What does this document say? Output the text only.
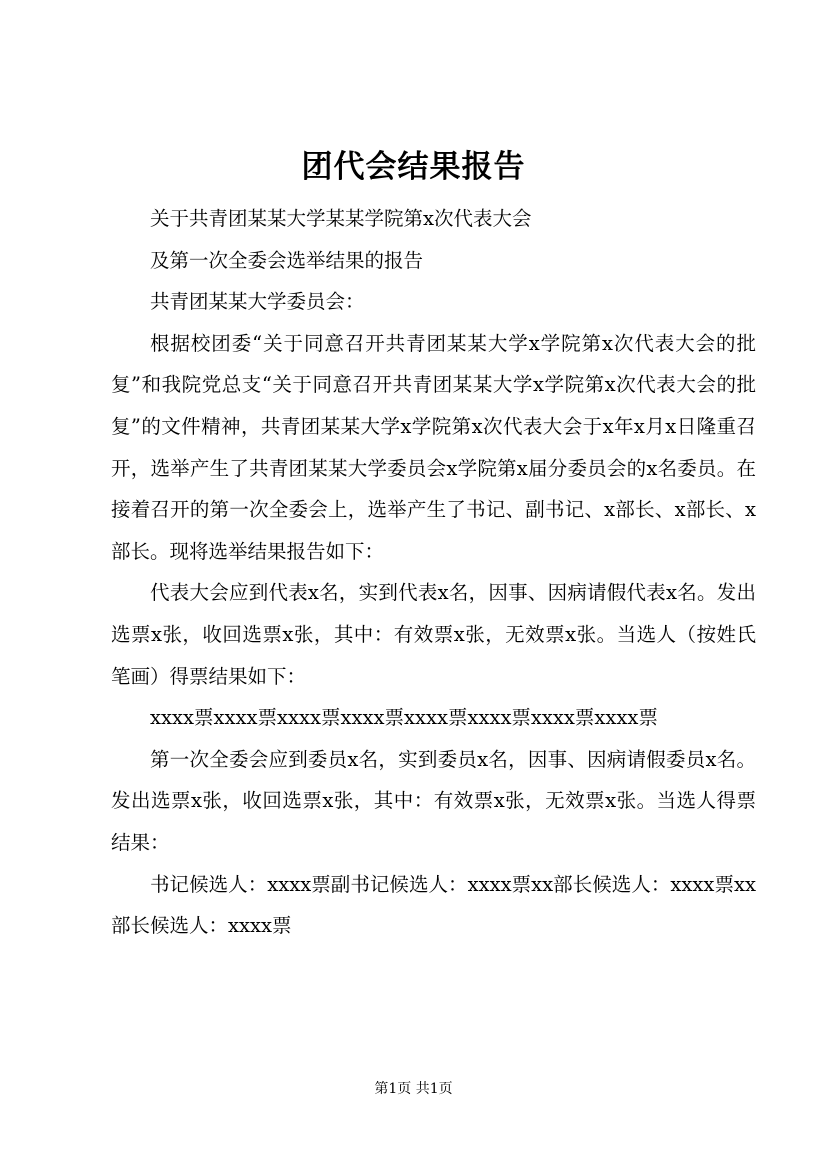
团代会结果报告

关于共青团某某大学某某学院第x次代表大会

及第一次全委会选举结果的报告

共青团某某大学委员会：

根据校团委“关于同意召开共青团某某大学x学院第x次代表大会的批复”和我院党总支“关于同意召开共青团某某大学x学院第x次代表大会的批复”的文件精神，共青团某某大学x学院第x次代表大会于x年x月x日隆重召开，选举产生了共青团某某大学委员会x学院第x届分委员会的x名委员。在接着召开的第一次全委会上，选举产生了书记、副书记、x部长、x部长、x部长。现将选举结果报告如下：

代表大会应到代表x名，实到代表x名，因事、因病请假代表x名。发出选票x张，收回选票x张，其中：有效票x张，无效票x张。当选人（按姓氏笔画）得票结果如下：

xxxx票xxxx票xxxx票xxxx票xxxx票xxxx票xxxx票xxxx票

第一次全委会应到委员x名，实到委员x名，因事、因病请假委员x名。发出选票x张，收回选票x张，其中：有效票x张，无效票x张。当选人得票结果：

书记候选人：xxxx票副书记候选人：xxxx票xx部长候选人：xxxx票xx部长候选人：xxxx票

第1页 共1页
